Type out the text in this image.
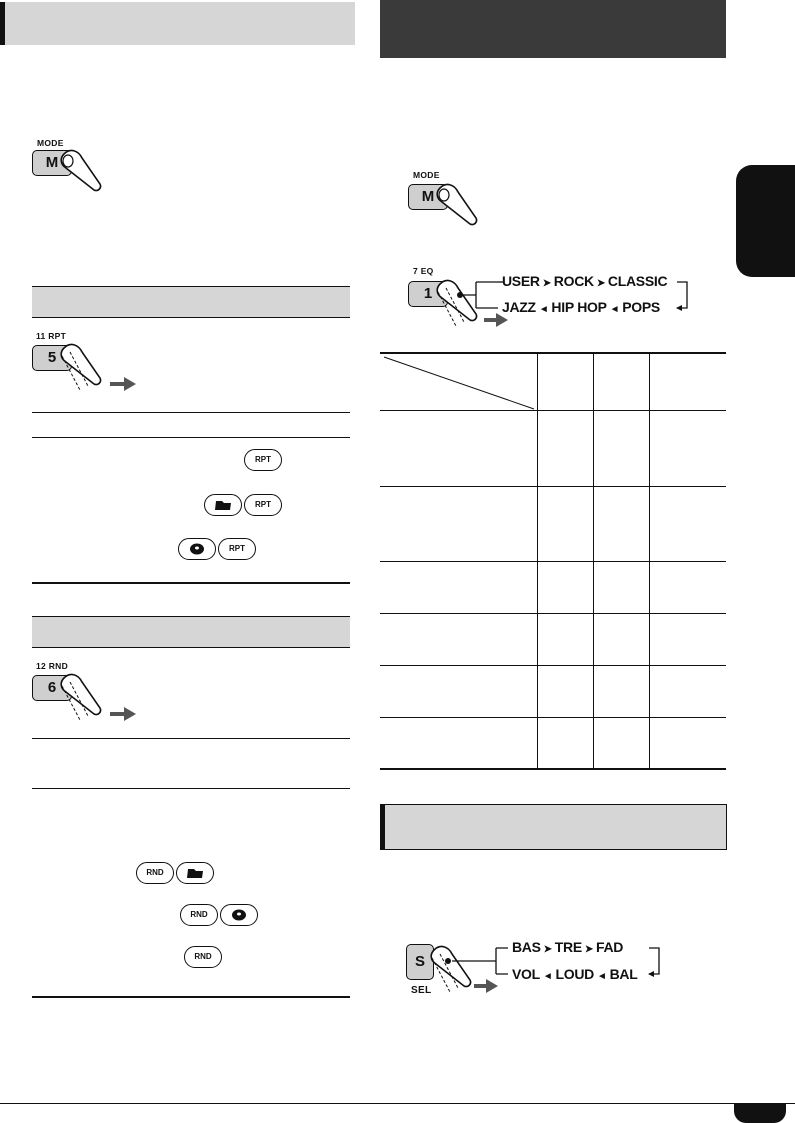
MODE
M
11 RPT
5
RPT
RPT
RPT
12 RND
6
RND
RND
RND
MODE
M
7 EQ
1
USER ➤ ROCK ➤ CLASSIC
JAZZ ◄ HIP HOP ◄ POPS
S
SEL
BAS ➤ TRE ➤ FAD
VOL ◄ LOUD ◄ BAL
